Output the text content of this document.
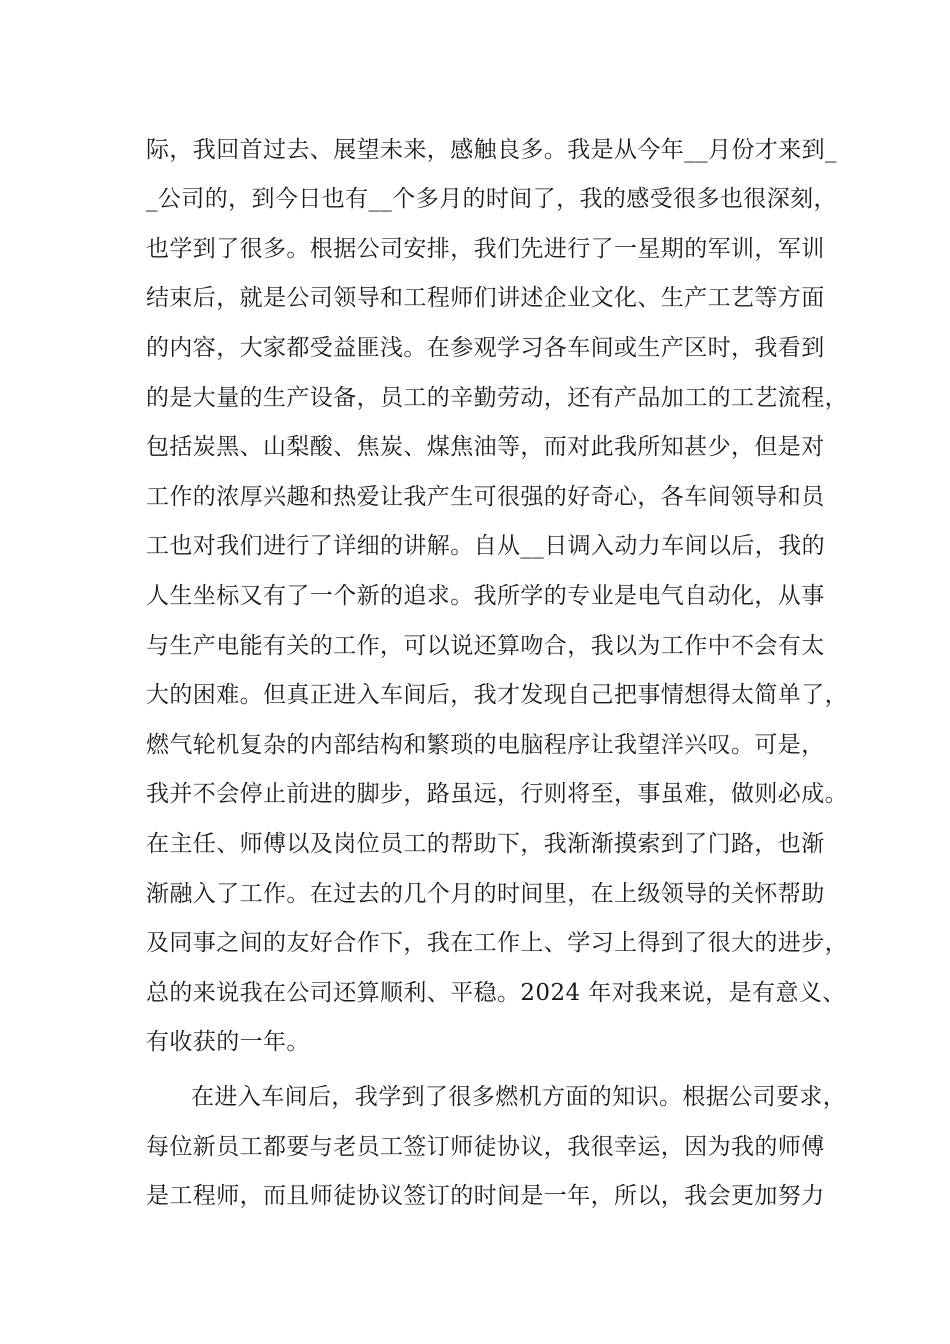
际，我回首过去、展望未来，感触良多。我是从今年__月份才来到_
_公司的，到今日也有__个多月的时间了，我的感受很多也很深刻，
也学到了很多。根据公司安排，我们先进行了一星期的军训，军训
结束后，就是公司领导和工程师们讲述企业文化、生产工艺等方面
的内容，大家都受益匪浅。在参观学习各车间或生产区时，我看到
的是大量的生产设备，员工的辛勤劳动，还有产品加工的工艺流程，
包括炭黑、山梨酸、焦炭、煤焦油等，而对此我所知甚少，但是对
工作的浓厚兴趣和热爱让我产生可很强的好奇心，各车间领导和员
工也对我们进行了详细的讲解。自从__日调入动力车间以后，我的
人生坐标又有了一个新的追求。我所学的专业是电气自动化，从事
与生产电能有关的工作，可以说还算吻合，我以为工作中不会有太
大的困难。但真正进入车间后，我才发现自己把事情想得太简单了，
燃气轮机复杂的内部结构和繁琐的电脑程序让我望洋兴叹。可是，
我并不会停止前进的脚步，路虽远，行则将至，事虽难，做则必成。
在主任、师傅以及岗位员工的帮助下，我渐渐摸索到了门路，也渐
渐融入了工作。在过去的几个月的时间里，在上级领导的关怀帮助
及同事之间的友好合作下，我在工作上、学习上得到了很大的进步，
总的来说我在公司还算顺利、平稳。2024 年对我来说，是有意义、
有收获的一年。
在进入车间后，我学到了很多燃机方面的知识。根据公司要求，
每位新员工都要与老员工签订师徒协议，我很幸运，因为我的师傅
是工程师，而且师徒协议签订的时间是一年，所以，我会更加努力
